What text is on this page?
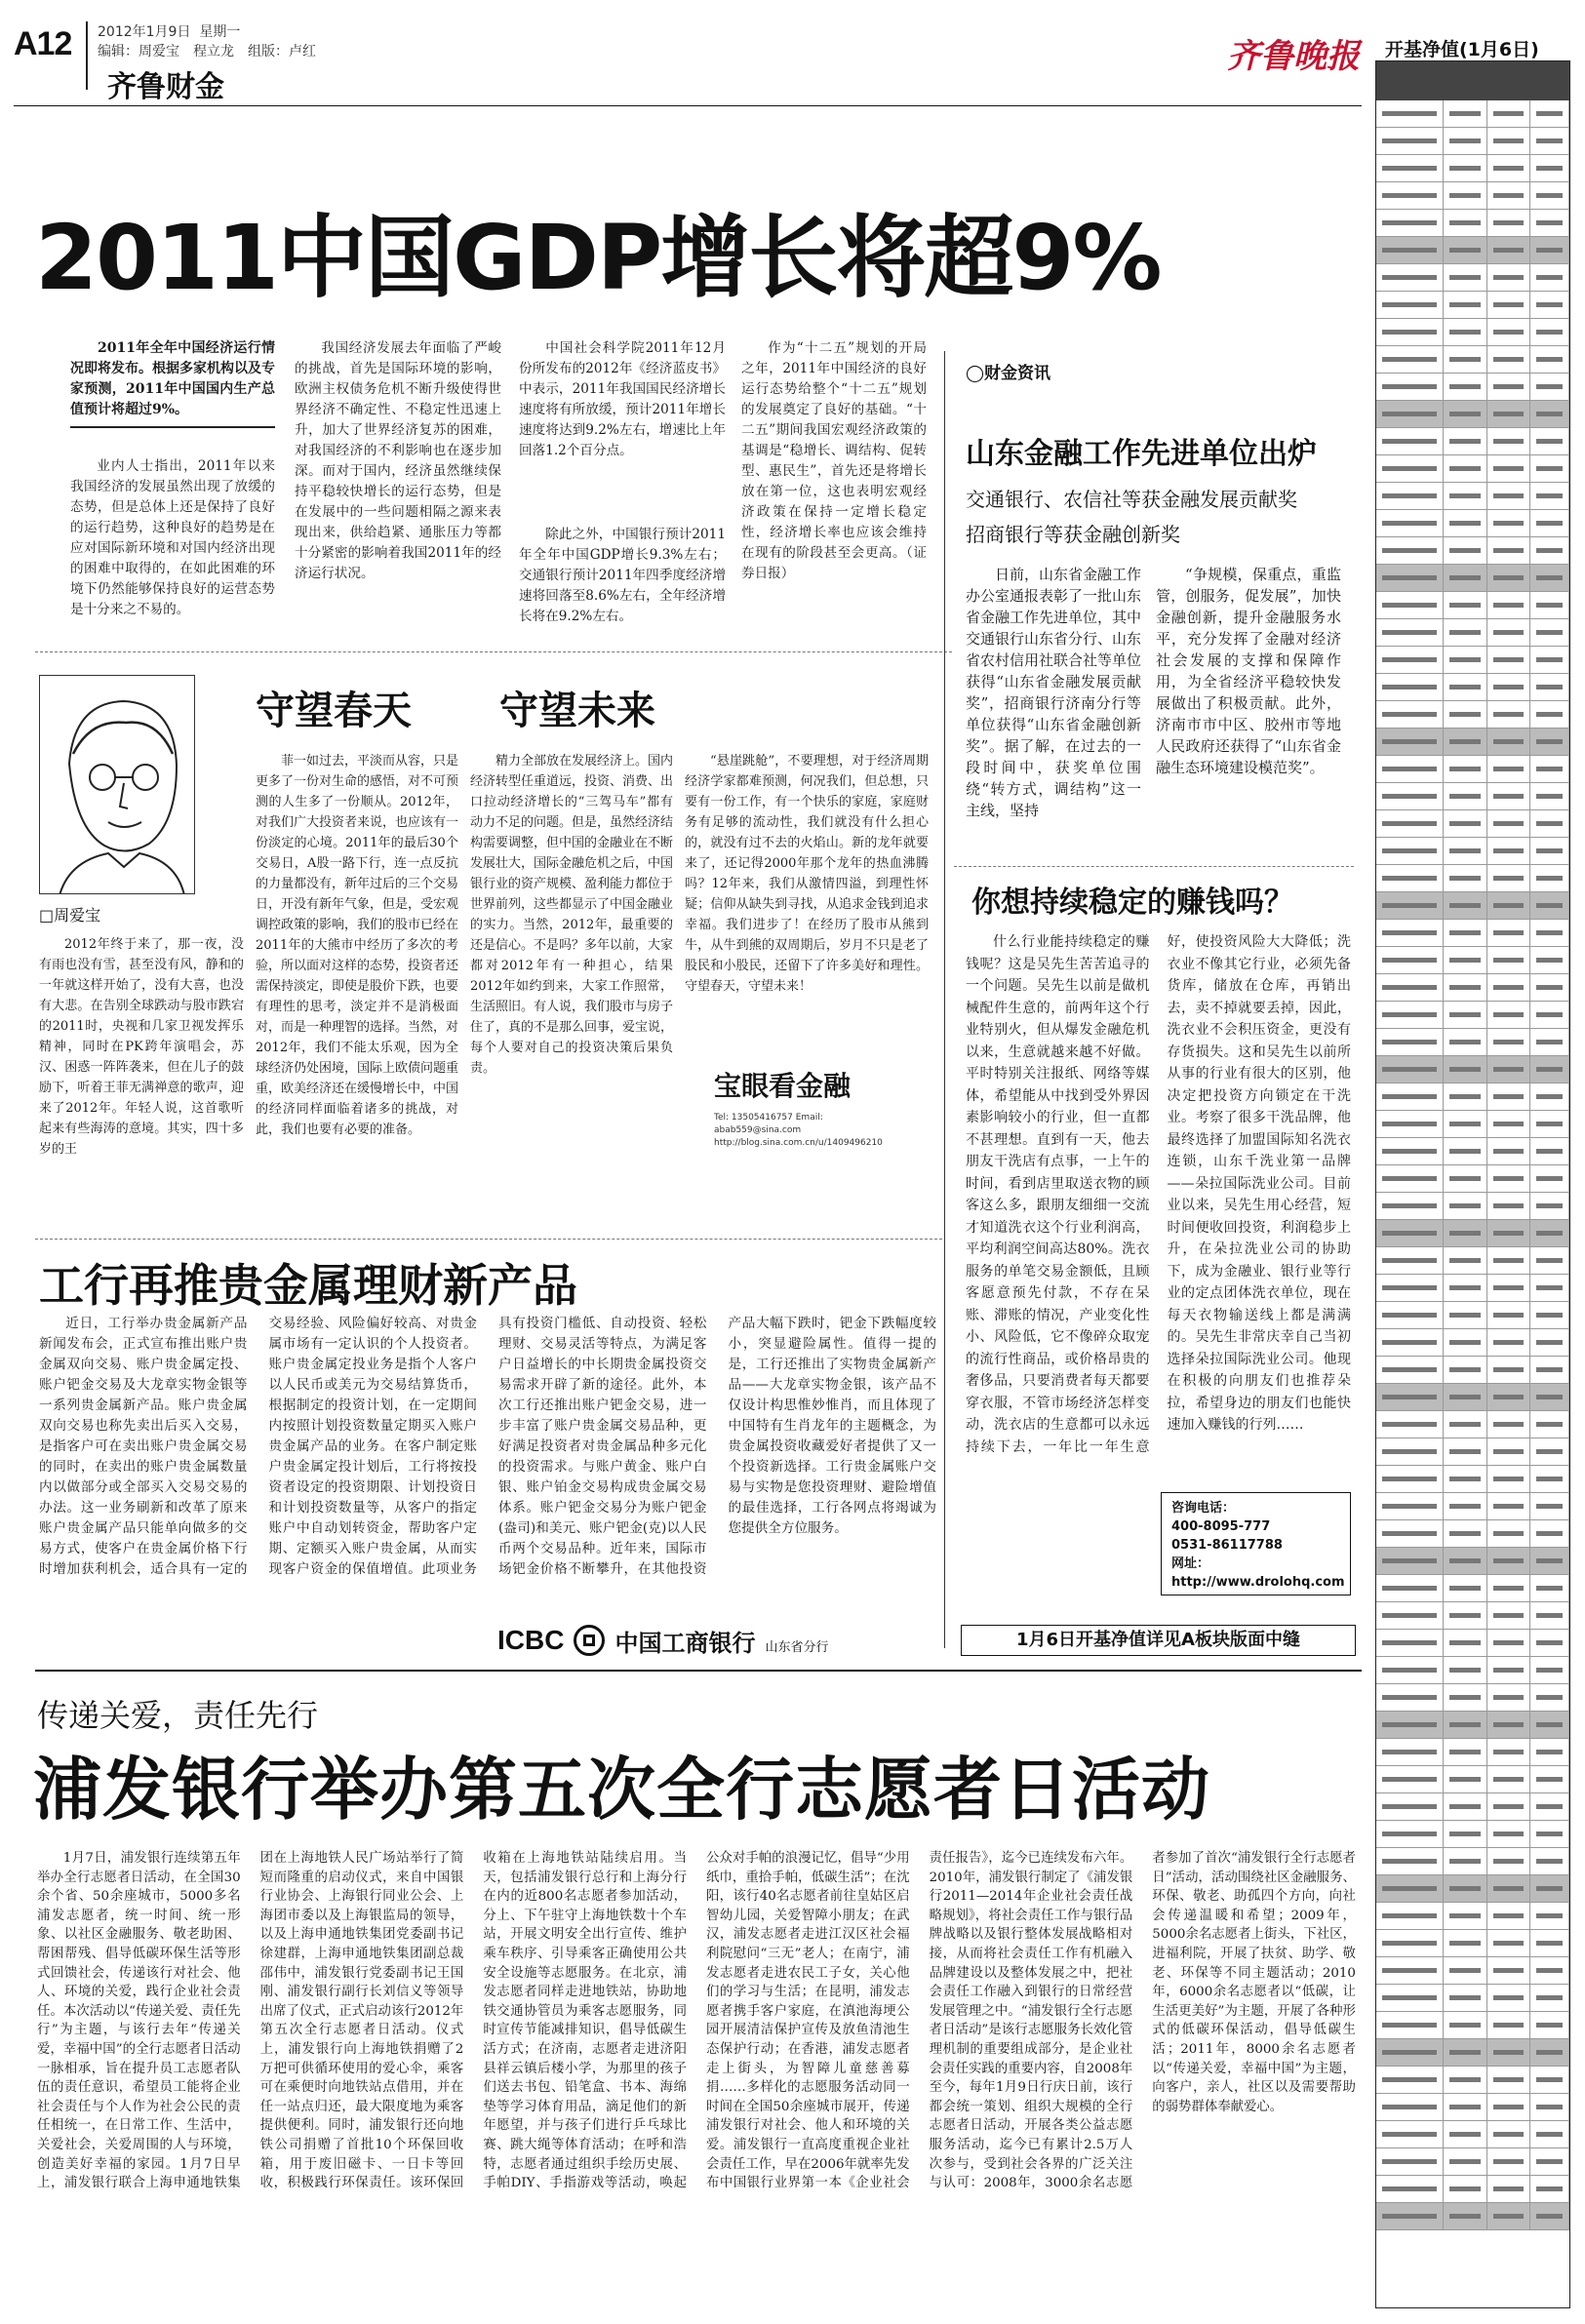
A12 2012年1月9日 星期一
编辑：周爱宝　程立龙　组版：卢红
齐鲁财金
齐鲁晚报 开基净值(1月6日)
2011中国GDP增长将超9%
2011年全年中国经济运行情况即将发布。根据多家机构以及专家预测，2011年中国国内生产总值预计将超过9%。
业内人士指出，2011年以来我国经济的发展虽然出现了放缓的态势，但是总体上还是保持了良好的运行趋势，这种良好的趋势是在应对国际新环境和对国内经济出现的困难中取得的，在如此困难的环境下仍然能够保持良好的运营态势是十分来之不易的。
我国经济发展去年面临了严峻的挑战，首先是国际环境的影响，欧洲主权债务危机不断升级使得世界经济不确定性、不稳定性迅速上升，加大了世界经济复苏的困难，对我国经济的不利影响也在逐步加深。而对于国内，经济虽然继续保持平稳较快增长的运行态势，但是在发展中的一些问题相隔之源来表现出来，供给趋紧、通胀压力等都十分紧密的影响着我国2011年的经济运行状况。
中国社会科学院2011年12月份所发布的2012年《经济蓝皮书》中表示，2011年我国国民经济增长速度将有所放缓，预计2011年增长速度将达到9.2%左右，增速比上年回落1.2个百分点。
除此之外，中国银行预计2011年全年中国GDP增长9.3%左右；交通银行预计2011年四季度经济增速将回落至8.6%左右，全年经济增长将在9.2%左右。
作为“十二五”规划的开局之年，2011年中国经济的良好运行态势给整个“十二五”规划的发展奠定了良好的基础。“十二五”期间我国宏观经济政策的基调是“稳增长、调结构、促转型、惠民生”，首先还是将增长放在第一位，这也表明宏观经济政策在保持一定增长稳定性，经济增长率也应该会维持在现有的阶段甚至会更高。（证券日报）
◯财金资讯
山东金融工作先进单位出炉
交通银行、农信社等获金融发展贡献奖
招商银行等获金融创新奖
日前，山东省金融工作办公室通报表彰了一批山东省金融工作先进单位，其中交通银行山东省分行、山东省农村信用社联合社等单位获得“山东省金融发展贡献奖”，招商银行济南分行等单位获得“山东省金融创新奖”。据了解，在过去的一段时间中，获奖单位围绕“转方式，调结构”这一主线，坚持
“争规模，保重点，重监管，创服务，促发展”，加快金融创新，提升金融服务水平，充分发挥了金融对经济社会发展的支撑和保障作用，为全省经济平稳较快发展做出了积极贡献。此外，济南市市中区、胶州市等地人民政府还获得了“山东省金融生态环境建设模范奖”。
守望春天 守望未来
□周爱宝
2012年终于来了，那一夜，没有雨也没有雪，甚至没有风，静和的一年就这样开始了，没有大喜，也没有大悲。在告别全球跌动与股市跌宕的2011时，央视和几家卫视发挥乐精神，同时在PK跨年演唱会，苏汉、困惑一阵阵袭来，但在儿子的鼓励下，听着王菲无满禅意的歌声，迎来了2012年。年轻人说，这首歌听起来有些海涛的意境。其实，四十多岁的王
菲一如过去，平淡而从容，只是更多了一份对生命的感悟，对不可预测的人生多了一份顺从。2012年，对我们广大投资者来说，也应该有一份淡定的心境。2011年的最后30个交易日，A股一路下行，连一点反抗的力量都没有，新年过后的三个交易日，开没有新年气象，但是，受宏观调控政策的影响，我们的股市已经在2011年的大熊市中经历了多次的考验，所以面对这样的态势，投资者还需保持淡定，即使是股价下跌，也要有理性的思考，淡定并不是消极面对，而是一种理智的选择。当然，对2012年，我们不能太乐观，因为全球经济仍处困境，国际上欧债问题重重，欧美经济还在缓慢增长中，中国的经济同样面临着诸多的挑战，对此，我们也要有必要的准备。
精力全部放在发展经济上。国内经济转型任重道远，投资、消费、出口拉动经济增长的“三驾马车”都有动力不足的问题。但是，虽然经济结构需要调整，但中国的金融业在不断发展壮大，国际金融危机之后，中国银行业的资产规模、盈利能力都位于世界前列，这些都显示了中国金融业的实力。当然，2012年，最重要的还是信心。不是吗？多年以前，大家都对2012年有一种担心，结果2012年如约到来，大家工作照常，生活照旧。有人说，我们股市与房子住了，真的不是那么回事，爱宝说，每个人要对自己的投资决策后果负责。
“悬崖跳舱”，不要理想，对于经济周期经济学家都难预测，何况我们，但总想，只要有一份工作，有一个快乐的家庭，家庭财务有足够的流动性，我们就没有什么担心的，就没有过不去的火焰山。新的龙年就要来了，还记得2000年那个龙年的热血沸腾吗？12年来，我们从激情四溢，到理性怀疑；信仰从缺失到寻找，从追求金钱到追求幸福。我们进步了！在经历了股市从熊到牛，从牛到熊的双周期后，岁月不只是老了股民和小股民，还留下了许多美好和理性。守望春天，守望未来！
宝眼看金融
Tel: 13505416757 Email: abab559@sina.com http://blog.sina.com.cn/u/1409496210
工行再推贵金属理财新产品
近日，工行举办贵金属新产品新闻发布会，正式宣布推出账户贵金属双向交易、账户贵金属定投、账户钯金交易及大龙章实物金银等一系列贵金属新产品。账户贵金属双向交易也称先卖出后买入交易，是指客户可在卖出账户贵金属交易的同时，在卖出的账户贵金属数量内以做部分或全部买入交易交易的办法。这一业务刷新和改革了原来账户贵金属产品只能单向做多的交易方式，使客户在贵金属价格下行时增加获利机会，适合具有一定的交易经验、风险偏好较高、对贵金属市场有一定认识的个人投资者。账户贵金属定投业务是指个人客户以人民币或美元为交易结算货币，根据制定的投资计划，在一定期间内按照计划投资数量定期买入账户贵金属产品的业务。在客户制定账户贵金属定投计划后，工行将按投资者设定的投资期限、计划投资日和计划投资数量等，从客户的指定账户中自动划转资金，帮助客户定期、定额买入账户贵金属，从而实现客户资金的保值增值。此项业务具有投资门槛低、自动投资、轻松理财、交易灵活等特点，为满足客户日益增长的中长期贵金属投资交易需求开辟了新的途径。此外，本次工行还推出账户钯金交易，进一步丰富了账户贵金属交易品种，更好满足投资者对贵金属品种多元化的投资需求。与账户黄金、账户白银、账户铂金交易构成贵金属交易体系。账户钯金交易分为账户钯金(盎司)和美元、账户钯金(克)以人民币两个交易品种。近年来，国际市场钯金价格不断攀升，在其他投资产品大幅下跌时，钯金下跌幅度较小，突显避险属性。值得一提的是，工行还推出了实物贵金属新产品——大龙章实物金银，该产品不仅设计构思惟妙惟肖，而且体现了中国特有生肖龙年的主题概念，为贵金属投资收藏爱好者提供了又一个投资新选择。工行贵金属账户交易与实物是您投资理财、避险增值的最佳选择，工行各网点将竭诚为您提供全方位服务。
ICBC 中国工商银行 山东省分行
你想持续稳定的赚钱吗？
什么行业能持续稳定的赚钱呢？这是吴先生苦苦追寻的一个问题。吴先生以前是做机械配件生意的，前两年这个行业特别火，但从爆发金融危机以来，生意就越来越不好做。平时特别关注报纸、网络等媒体，希望能从中找到受外界因素影响较小的行业，但一直都不甚理想。直到有一天，他去朋友干洗店有点事，一上午的时间，看到店里取送衣物的顾客这么多，跟朋友细细一交流才知道洗衣这个行业利润高，平均利润空间高达80%。洗衣服务的单笔交易金额低，且顾客愿意预先付款，不存在呆账、滞账的情况，产业变化性小、风险低，它不像碎众取宠的流行性商品，或价格昂贵的奢侈品，只要消费者每天都要穿衣服，不管市场经济怎样变动，洗衣店的生意都可以永远持续下去，一年比一年生意好，使投资风险大大降低；洗衣业不像其它行业，必须先备货库，储放在仓库，再销出去，卖不掉就要丢掉，因此，洗衣业不会积压资金，更没有存货损失。这和吴先生以前所从事的行业有很大的区别，他决定把投资方向锁定在干洗业。考察了很多干洗品牌，他最终选择了加盟国际知名洗衣连锁，山东千洗业第一品牌——朵拉国际洗业公司。目前业以来，吴先生用心经营，短时间便收回投资，利润稳步上升，在朵拉洗业公司的协助下，成为金融业、银行业等行业的定点团体洗衣单位，现在每天衣物输送线上都是满满的。吴先生非常庆幸自己当初选择朵拉国际洗业公司。他现在积极的向朋友们也推荐朵拉，希望身边的朋友们也能快速加入赚钱的行列……
咨询电话：
400-8095-777
0531-86117788
网址：
http://www.drolohq.com
1月6日开基净值详见A板块版面中缝
传递关爱，责任先行
浦发银行举办第五次全行志愿者日活动
1月7日，浦发银行连续第五年举办全行志愿者日活动，在全国30余个省、50余座城市，5000多名浦发志愿者，统一时间、统一形象、以社区金融服务、敬老助困、帮困帮残、倡导低碳环保生活等形式回馈社会，传递该行对社会、他人、环境的关爱，践行企业社会责任。本次活动以“传递关爱、责任先行”为主题，与该行去年“传递关爱，幸福中国”的全行志愿者日活动一脉相承，旨在提升员工志愿者队伍的责任意识，希望员工能将企业社会责任与个人作为社会公民的责任相统一，在日常工作、生活中，关爱社会，关爱周围的人与环境，创造美好幸福的家园。1月7日早上，浦发银行联合上海申通地铁集团在上海地铁人民广场站举行了简短而隆重的启动仪式，来自中国银行业协会、上海银行同业公会、上海团市委以及上海银监局的领导，以及上海申通地铁集团党委副书记徐建群，上海申通地铁集团副总裁邵伟中，浦发银行党委副书记王国刚、浦发银行副行长刘信义等领导出席了仪式，正式启动该行2012年第五次全行志愿者日活动。仪式上，浦发银行向上海地铁捐赠了2万把可供循环使用的爱心伞，乘客可在乘便时向地铁站点借用，并在任一站点归还，最大限度地为乘客提供便利。同时，浦发银行还向地铁公司捐赠了首批10个环保回收箱，用于废旧磁卡、一日卡等回收，积极践行环保责任。该环保回收箱在上海地铁站陆续启用。当天，包括浦发银行总行和上海分行在内的近800名志愿者参加活动，分上、下午驻守上海地铁数十个车站，开展文明安全出行宣传、维护乘车秩序、引导乘客正确使用公共安全设施等志愿服务。在北京，浦发志愿者同样走进地铁站，协助地铁交通协管员为乘客志愿服务，同时宣传节能减排知识，倡导低碳生活方式；在济南，志愿者走进济阳县祥云镇后楼小学，为那里的孩子们送去书包、铅笔盒、书本、海绵垫等学习体育用品，滴足他们的新年愿望，并与孩子们进行乒乓球比赛、跳大绳等体育活动；在呼和浩特，志愿者通过组织手绘历史展、手帕DIY、手指游戏等活动，唤起公众对手帕的浪漫记忆，倡导“少用纸巾，重拾手帕，低碳生活”；在沈阳，该行40名志愿者前往皇姑区启智幼儿园，关爱智障小朋友；在武汉，浦发志愿者走进江汉区社会福利院慰问“三无”老人；在南宁，浦发志愿者走进农民工子女，关心他们的学习与生活；在昆明，浦发志愿者携手客户家庭，在滇池海埂公园开展清洁保护宣传及放鱼清池生态保护行动；在香港，浦发志愿者走上街头，为智障儿童慈善募捐……多样化的志愿服务活动同一时间在全国50余座城市展开，传递浦发银行对社会、他人和环境的关爱。浦发银行一直高度重视企业社会责任工作，早在2006年就率先发布中国银行业界第一本《企业社会责任报告》，迄今已连续发布六年。2010年，浦发银行制定了《浦发银行2011—2014年企业社会责任战略规划》，将社会责任工作与银行品牌战略以及银行整体发展战略相对接，从而将社会责任工作有机融入品牌建设以及整体发展之中，把社会责任工作融入到银行的日常经营发展管理之中。“浦发银行全行志愿者日活动”是该行志愿服务长效化管理机制的重要组成部分，是企业社会责任实践的重要内容，自2008年至今，每年1月9日行庆日前，该行都会统一策划、组织大规模的全行志愿者日活动，开展各类公益志愿服务活动，迄今已有累计2.5万人次参与，受到社会各界的广泛关注与认可：2008年，3000余名志愿者参加了首次“浦发银行全行志愿者日”活动，活动围绕社区金融服务、环保、敬老、助孤四个方向，向社会传递温暖和希望；2009年，5000余名志愿者上街头，下社区，进福利院，开展了扶贫、助学、敬老、环保等不同主题活动；2010年，6000余名志愿者以“低碳，让生活更美好”为主题，开展了各种形式的低碳环保活动，倡导低碳生活；2011年，8000余名志愿者以“传递关爱，幸福中国”为主题，向客户，亲人，社区以及需要帮助的弱势群体奉献爱心。
